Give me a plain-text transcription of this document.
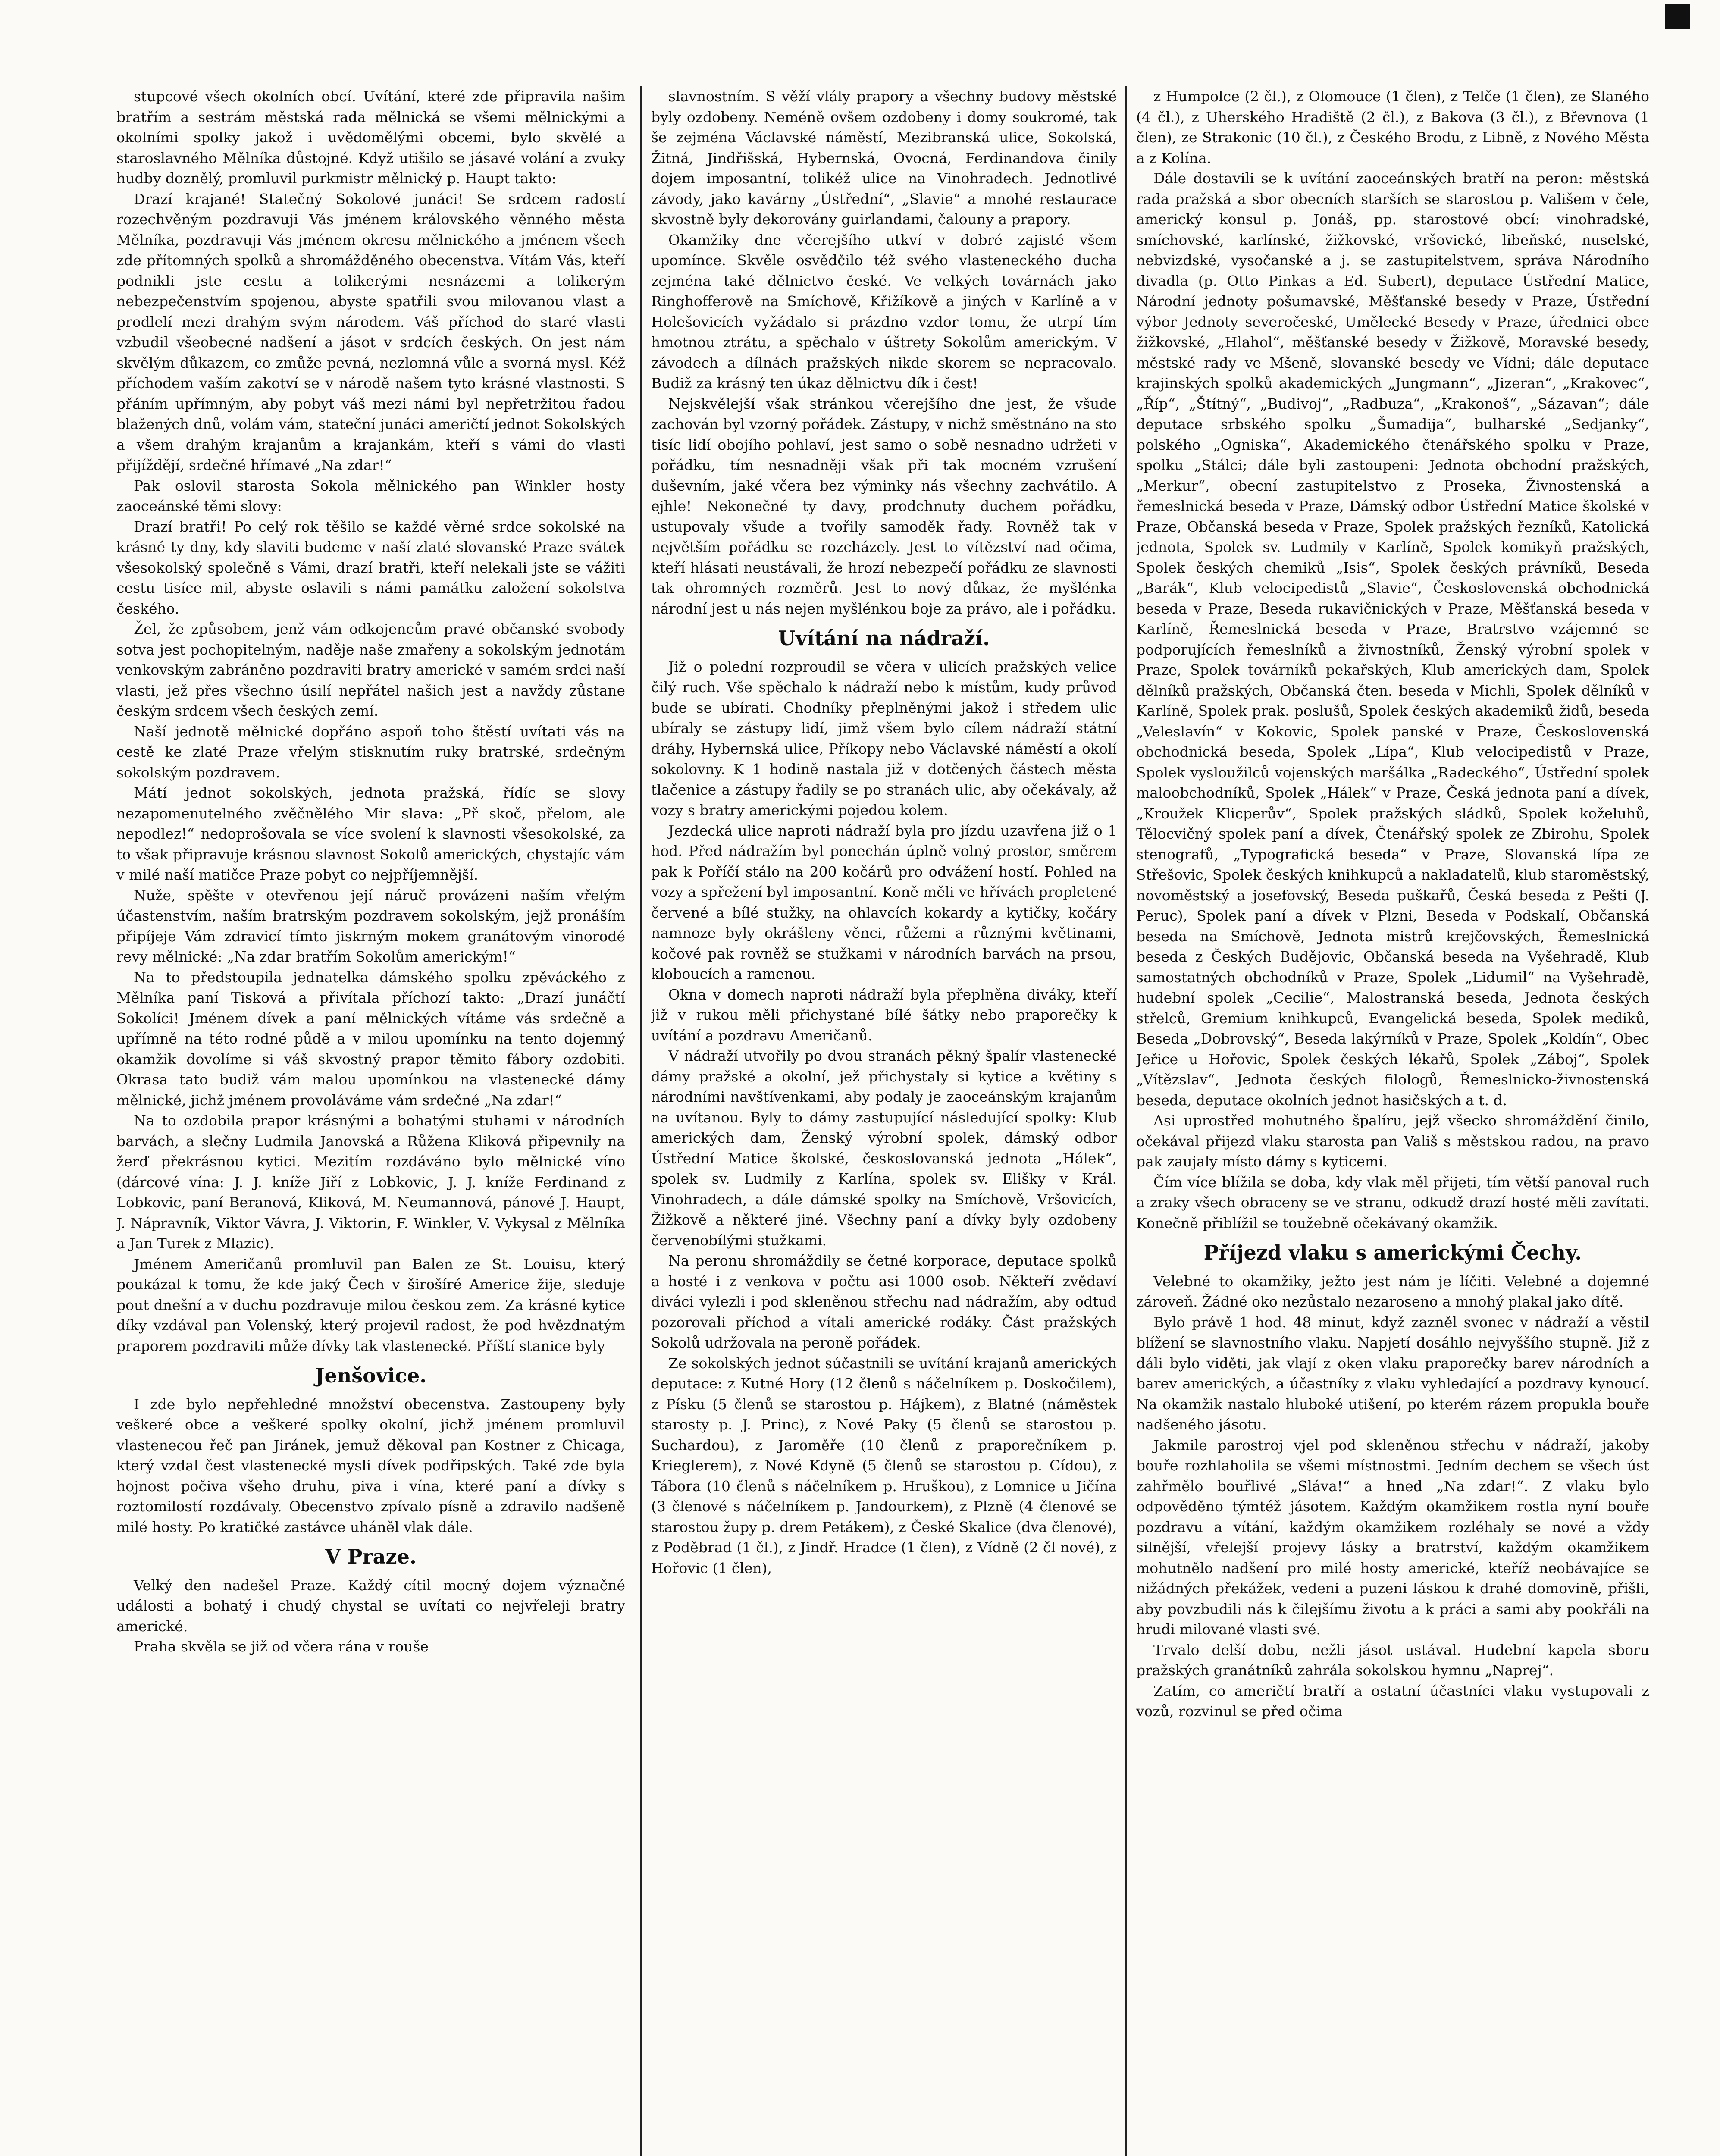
stupcové všech okolních obcí. Uvítání, které zde připravila našim bratřím a sestrám městská rada mělnická se všemi mělnickými a okolními spolky jakož i uvědomělými obcemi, bylo skvělé a staroslavného Mělníka důstojné. Když utišilo se jásavé volání a zvuky hudby doznělý, promluvil purkmistr mělnický p. Haupt takto:

Drazí krajané! Statečný Sokolové junáci! Se srdcem radostí rozechvěným pozdravuji Vás jménem královského věnného města Mělníka, pozdravuji Vás jménem okresu mělnického a jménem všech zde přítomných spolků a shromážděného obecenstva. Vítám Vás, kteří podnikli jste cestu a tolikerými nesnázemi a tolikerým nebezpečenstvím spojenou, abyste spatřili svou milovanou vlast a prodlelí mezi drahým svým národem. Váš příchod do staré vlasti vzbudil všeobecné nadšení a jásot v srdcích českých. On jest nám skvělým důkazem, co zmůže pevná, nezlomná vůle a svorná mysl. Kéž příchodem vaším zakotví se v národě našem tyto krásné vlastnosti. S přáním upřímným, aby pobyt váš mezi námi byl nepřetržitou řadou blažených dnů, volám vám, stateční junáci američtí jednot Sokolských a všem drahým krajanům a krajankám, kteří s vámi do vlasti přijíždějí, srdečné hřímavé „Na zdar!“

Pak oslovil starosta Sokola mělnického pan Winkler hosty zaoceánské těmi slovy:

Drazí bratři! Po celý rok těšilo se každé věrné srdce sokolské na krásné ty dny, kdy slaviti budeme v naší zlaté slovanské Praze svátek všesokolský společně s Vámi, drazí bratři, kteří nelekali jste se vážiti cestu tisíce mil, abyste oslavili s námi památku založení sokolstva českého.

Žel, že způsobem, jenž vám odkojencům pravé občanské svobody sotva jest pochopitelným, naděje naše zmařeny a sokolským jednotám venkovským zabráněno pozdraviti bratry americké v samém srdci naší vlasti, jež přes všechno úsilí nepřátel našich jest a navždy zůstane českým srdcem všech českých zemí.

Naší jednotě mělnické dopřáno aspoň toho štěstí uvítati vás na cestě ke zlaté Praze vřelým stisknutím ruky bratrské, srdečným sokolským pozdravem.

Mátí jednot sokolských, jednota pražská, řídíc se slovy nezapomenutelného zvěčnělého Mir slava: „Př skoč, přelom, ale nepodlez!“ nedoprošovala se více svolení k slavnosti všesokolské, za to však připravuje krásnou slavnost Sokolů amerických, chystajíc vám v milé naší matičce Praze pobyt co nejpříjemnější.

Nuže, spěšte v otevřenou její náruč provázeni naším vřelým účastenstvím, naším bratrským pozdravem sokolským, jejž pronáším připíjeje Vám zdravicí tímto jiskrným mokem granátovým vinorodé revy mělnické: „Na zdar bratřím Sokolům americkým!“

Na to předstoupila jednatelka dámského spolku zpěváckého z Mělníka paní Tisková a přivítala příchozí takto: „Drazí junáčtí Sokolíci! Jménem dívek a paní mělnických vítáme vás srdečně a upřímně na této rodné půdě a v milou upomínku na tento dojemný okamžik dovolíme si váš skvostný prapor těmito fábory ozdobiti. Okrasa tato budiž vám malou upomínkou na vlastenecké dámy mělnické, jichž jménem provoláváme vám srdečné „Na zdar!“

Na to ozdobila prapor krásnými a bohatými stuhami v národních barvách, a slečny Ludmila Janovská a Růžena Kliková připevnily na žerď překrásnou kytici. Mezitím rozdáváno bylo mělnické víno (dárcové vína: J. J. kníže Jiří z Lobkovic, J. J. kníže Ferdinand z Lobkovic, paní Beranová, Kliková, M. Neumannová, pánové J. Haupt, J. Nápravník, Viktor Vávra, J. Viktorin, F. Winkler, V. Vykysal z Mělníka a Jan Turek z Mlazic).

Jménem Američanů promluvil pan Balen ze St. Louisu, který poukázal k tomu, že kde jaký Čech v širošíré Americe žije, sleduje pout dnešní a v duchu pozdravuje milou českou zem. Za krásné kytice díky vzdával pan Volenský, který projevil radost, že pod hvězdnatým praporem pozdraviti může dívky tak vlastenecké. Příští stanice byly

Jenšovice.

I zde bylo nepřehledné množství obecenstva. Zastoupeny byly veškeré obce a veškeré spolky okolní, jichž jménem promluvil vlastenecou řeč pan Jiránek, jemuž děkoval pan Kostner z Chicaga, který vzdal čest vlastenecké mysli dívek podřipských. Také zde byla hojnost počiva všeho druhu, piva i vína, které paní a dívky s roztomilostí rozdávaly. Obecenstvo zpívalo písně a zdravilo nadšeně milé hosty. Po kratičké zastávce uháněl vlak dále.

V Praze.

Velký den nadešel Praze. Každý cítil mocný dojem význačné události a bohatý i chudý chystal se uvítati co nejvřeleji bratry americké.

Praha skvěla se již od včera rána v rouše

slavnostním. S věží vlály prapory a všechny budovy městské byly ozdobeny. Neméně ovšem ozdobeny i domy soukromé, tak še zejména Václavské náměstí, Mezibranská ulice, Sokolská, Žitná, Jindřišská, Hybernská, Ovocná, Ferdinandova činily dojem imposantní, tolikéž ulice na Vinohradech. Jednotlivé závody, jako kavárny „Ústřední“, „Slavie“ a mnohé restaurace skvostně byly dekorovány guirlandami, čalouny a prapory.

Okamžiky dne včerejšího utkví v dobré zajisté všem upomínce. Skvěle osvědčilo též svého vlasteneckého ducha zejména také dělnictvo české. Ve velkých továrnách jako Ringhofferově na Smíchově, Křižíkově a jiných v Karlíně a v Holešovicích vyžádalo si prázdno vzdor tomu, že utrpí tím hmotnou ztrátu, a spěchalo v úštrety Sokolům americkým. V závodech a dílnách pražských nikde skorem se nepracovalo. Budiž za krásný ten úkaz dělnictvu dík i čest!

Nejskvělejší však stránkou včerejšího dne jest, že všude zachován byl vzorný pořádek. Zástupy, v nichž směstnáno na sto tisíc lidí obojího pohlaví, jest samo o sobě nesnadno udržeti v pořádku, tím nesnadněji však při tak mocném vzrušení duševním, jaké včera bez výminky nás všechny zachvátilo. A ejhle! Nekonečné ty davy, prodchnuty duchem pořádku, ustupovaly všude a tvořily samoděk řady. Rovněž tak v největším pořádku se rozcházely. Jest to vítězství nad očima, kteří hlásati neustávali, že hrozí nebezpečí pořádku ze slavnosti tak ohromných rozměrů. Jest to nový důkaz, že myšlénka národní jest u nás nejen myšlénkou boje za právo, ale i pořádku.

Uvítání na nádraží.

Již o polední rozproudil se včera v ulicích pražských velice čilý ruch. Vše spěchalo k nádraží nebo k místům, kudy průvod bude se ubírati. Chodníky přeplněnými jakož i středem ulic ubíraly se zástupy lidí, jimž všem bylo cílem nádraží státní dráhy, Hybernská ulice, Příkopy nebo Václavské náměstí a okolí sokolovny. K 1 hodině nastala již v dotčených částech města tlačenice a zástupy řadily se po stranách ulic, aby očekávaly, až vozy s bratry americkými pojedou kolem.

Jezdecká ulice naproti nádraží byla pro jízdu uzavřena již o 1 hod. Před nádražím byl ponechán úplně volný prostor, směrem pak k Poříčí stálo na 200 kočárů pro odvážení hostí. Pohled na vozy a spřežení byl imposantní. Koně měli ve hřívách propletené červené a bílé stužky, na ohlavcích kokardy a kytičky, kočáry namnoze byly okrášleny věnci, růžemi a různými květinami, kočové pak rovněž se stužkami v národních barvách na prsou, kloboucích a ramenou.

Okna v domech naproti nádraží byla přeplněna diváky, kteří již v rukou měli přichystané bílé šátky nebo praporečky k uvítání a pozdravu Američanů.

V nádraží utvořily po dvou stranách pěkný špalír vlastenecké dámy pražské a okolní, jež přichystaly si kytice a květiny s národními navštívenkami, aby podaly je zaoceánským krajanům na uvítanou. Byly to dámy zastupující následující spolky: Klub amerických dam, Ženský výrobní spolek, dámský odbor Ústřední Matice školské, českoslovanská jednota „Hálek“, spolek sv. Ludmily z Karlína, spolek sv. Elišky v Král. Vinohradech, a dále dámské spolky na Smíchově, Vršovicích, Žižkově a některé jiné. Všechny paní a dívky byly ozdobeny červenobílými stužkami.

Na peronu shromáždily se četné korporace, deputace spolků a hosté i z venkova v počtu asi 1000 osob. Někteří zvědaví diváci vylezli i pod skleněnou střechu nad nádražím, aby odtud pozorovali příchod a vítali americké rodáky. Část pražských Sokolů udržovala na peroně pořádek.

Ze sokolských jednot súčastnili se uvítání krajanů amerických deputace: z Kutné Hory (12 členů s náčelníkem p. Doskočilem), z Písku (5 členů se starostou p. Hájkem), z Blatné (náměstek starosty p. J. Princ), z Nové Paky (5 členů se starostou p. Suchardou), z Jaroměře (10 členů z praporečníkem p. Krieglerem), z Nové Kdyně (5 členů se starostou p. Cídou), z Tábora (10 členů s náčelníkem p. Hruškou), z Lomnice u Jičína (3 členové s náčelníkem p. Jandourkem), z Plzně (4 členové se starostou župy p. drem Petákem), z České Skalice (dva členové), z Poděbrad (1 čl.), z Jindř. Hradce (1 člen), z Vídně (2 čl nové), z Hořovic (1 člen),

z Humpolce (2 čl.), z Olomouce (1 člen), z Telče (1 člen), ze Slaného (4 čl.), z Uherského Hradiště (2 čl.), z Bakova (3 čl.), z Břevnova (1 člen), ze Strakonic (10 čl.), z Českého Brodu, z Libně, z Nového Města a z Kolína.

Dále dostavili se k uvítání zaoceánských bratří na peron: městská rada pražská a sbor obecních starších se starostou p. Vališem v čele, americký konsul p. Jonáš, pp. starostové obcí: vinohradské, smíchovské, karlínské, žižkovské, vršovické, libeňské, nuselské, nebvizdské, vysočanské a j. se zastupitelstvem, správa Národního divadla (p. Otto Pinkas a Ed. Subert), deputace Ústřední Matice, Národní jednoty pošumavské, Měšťanské besedy v Praze, Ústřední výbor Jednoty severočeské, Umělecké Besedy v Praze, úřednici obce žižkovské, „Hlahol“, měšťanské besedy v Žižkově, Moravské besedy, městské rady ve Mšeně, slovanské besedy ve Vídni; dále deputace krajinských spolků akademických „Jungmann“, „Jizeran“, „Krakovec“, „Říp“, „Štítný“, „Budivoj“, „Radbuza“, „Krakonoš“, „Sázavan“; dále deputace srbského spolku „Šumadija“, bulharské „Sedjanky“, polského „Ogniska“, Akademického čtenářského spolku v Praze, spolku „Stálci; dále byli zastoupeni: Jednota obchodní pražských, „Merkur“, obecní zastupitelstvo z Proseka, Živnostenská a řemeslnická beseda v Praze, Dámský odbor Ústřední Matice školské v Praze, Občanská beseda v Praze, Spolek pražských řezníků, Katolická jednota, Spolek sv. Ludmily v Karlíně, Spolek komikyň pražských, Spolek českých chemiků „Isis“, Spolek českých právníků, Beseda „Barák“, Klub velocipedistů „Slavie“, Československá obchodnická beseda v Praze, Beseda rukavičnických v Praze, Měšťanská beseda v Karlíně, Řemeslnická beseda v Praze, Bratrstvo vzájemné se podporujících řemeslníků a živnostníků, Ženský výrobní spolek v Praze, Spolek továrníků pekařských, Klub amerických dam, Spolek dělníků pražských, Občanská čten. beseda v Michli, Spolek dělníků v Karlíně, Spolek prak. poslušů, Spolek českých akademiků židů, beseda „Veleslavín“ v Kokovic, Spolek panské v Praze, Československá obchodnická beseda, Spolek „Lípa“, Klub velocipedistů v Praze, Spolek vysloužilců vojenských maršálka „Radeckého“, Ústřední spolek maloobchodníků, Spolek „Hálek“ v Praze, Česká jednota paní a dívek, „Kroužek Klicperův“, Spolek pražských sládků, Spolek koželuhů, Tělocvičný spolek paní a dívek, Čtenářský spolek ze Zbirohu, Spolek stenografů, „Typografická beseda“ v Praze, Slovanská lípa ze Střešovic, Spolek českých knihkupců a nakladatelů, klub staroměstský, novoměstský a josefovský, Beseda puškařů, Česká beseda z Pešti (J. Peruc), Spolek paní a dívek v Plzni, Beseda v Podskalí, Občanská beseda na Smíchově, Jednota mistrů krejčovských, Řemeslnická beseda z Českých Budějovic, Občanská beseda na Vyšehradě, Klub samostatných obchodníků v Praze, Spolek „Lidumil“ na Vyšehradě, hudební spolek „Cecilie“, Malostranská beseda, Jednota českých střelců, Gremium knihkupců, Evangelická beseda, Spolek mediků, Beseda „Dobrovský“, Beseda lakýrníků v Praze, Spolek „Koldín“, Obec Jeřice u Hořovic, Spolek českých lékařů, Spolek „Záboj“, Spolek „Vítězslav“, Jednota českých filologů, Řemeslnicko-živnostenská beseda, deputace okolních jednot hasičských a t. d.

Asi uprostřed mohutného špalíru, jejž všecko shromáždění činilo, očekával přijezd vlaku starosta pan Vališ s městskou radou, na pravo pak zaujaly místo dámy s kyticemi.

Čím více blížila se doba, kdy vlak měl přijeti, tím větší panoval ruch a zraky všech obraceny se ve stranu, odkudž drazí hosté měli zavítati. Konečně přiblížil se toužebně očekávaný okamžik.

Příjezd vlaku s americkými Čechy.

Velebné to okamžiky, ježto jest nám je líčiti. Velebné a dojemné zároveň. Žádné oko nezůstalo nezaroseno a mnohý plakal jako dítě.

Bylo právě 1 hod. 48 minut, když zazněl svonec v nádraží a věstil blížení se slavnostního vlaku. Napjetí dosáhlo nejvyššího stupně. Již z dáli bylo viděti, jak vlají z oken vlaku praporečky barev národních a barev amerických, a účastníky z vlaku vyhledající a pozdravy kynoucí. Na okamžik nastalo hluboké utišení, po kterém rázem propukla bouře nadšeného jásotu.

Jakmile parostroj vjel pod skleněnou střechu v nádraží, jakoby bouře rozhlaholila se všemi místnostmi. Jedním dechem se všech úst zahřmělo bouřlivé „Sláva!“ a hned „Na zdar!“. Z vlaku bylo odpověděno týmtéž jásotem. Každým okamžikem rostla nyní bouře pozdravu a vítání, každým okamžikem rozléhaly se nové a vždy silnější, vřelejší projevy lásky a bratrství, každým okamžikem mohutnělo nadšení pro milé hosty americké, kteříž neobávajíce se nižádných překážek, vedeni a puzeni láskou k drahé domovině, přišli, aby povzbudili nás k čilejšímu životu a k práci a sami aby pookřáli na hrudi milované vlasti své.

Trvalo delší dobu, nežli jásot ustával. Hudební kapela sboru pražských granátníků zahrála sokolskou hymnu „Naprej“.

Zatím, co američtí bratří a ostatní účastníci vlaku vystupovali z vozů, rozvinul se před očima
